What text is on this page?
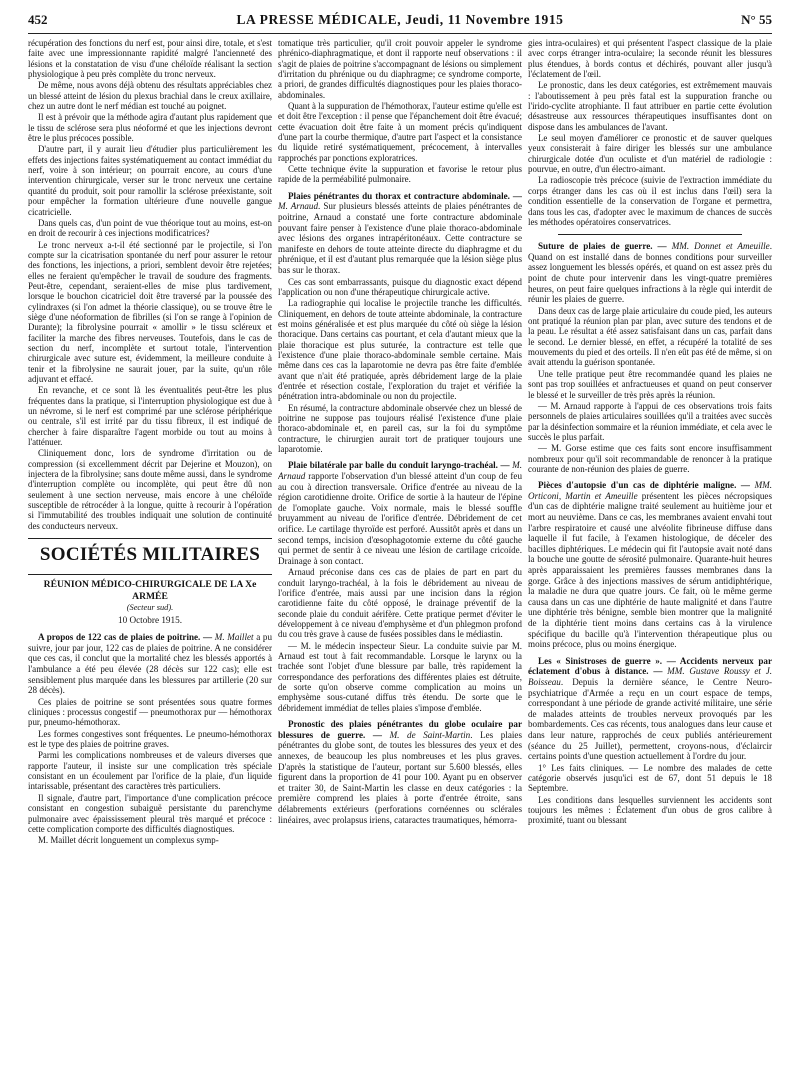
452	LA PRESSE MÉDICALE, Jeudi, 11 Novembre 1915	N° 55

récupération des fonctions du nerf est, pour ainsi dire, totale, et s'est faite avec une impressionnante rapidité malgré l'ancienneté des lésions et la constatation de visu d'une chéloïde réalisant la section physiologique à peu près complète du tronc nerveux.

De même, nous avons déjà obtenu des résultats appréciables chez un blessé atteint de lésion du plexus brachial dans le creux axillaire, chez un autre dont le nerf médian est touché au poignet.

Il est à prévoir que la méthode agira d'autant plus rapidement que le tissu de sclérose sera plus néoformé et que les injections devront être le plus précoces possible.

D'autre part, il y aurait lieu d'étudier plus particulièrement les effets des injections faites systématiquement au contact immédiat du nerf, voire à son intérieur; on pourrait encore, au cours d'une intervention chirurgicale, verser sur le tronc nerveux une certaine quantité du produit, soit pour ramollir la sclérose préexistante, soit pour empêcher la formation ultérieure d'une nouvelle gangue cicatricielle.

Dans quels cas, d'un point de vue théorique tout au moins, est-on en droit de recourir à ces injections modificatrices?

Le tronc nerveux a-t-il été sectionné par le projectile, si l'on compte sur la cicatrisation spontanée du nerf pour assurer le retour des fonctions, les injections, a priori, semblent devoir être rejetées; elles ne feraient qu'empêcher le travail de soudure des fragments. Peut-être, cependant, seraient-elles de mise plus tardivement, lorsque le bouchon cicatriciel doit être traversé par la poussée des cylindraxes (si l'on admet la théorie classique), ou se trouve être le siège d'une néoformation de fibrilles (si l'on se range à l'opinion de Durante); la fibrolysine pourrait « amollir » le tissu scléreux et faciliter la marche des fibres nerveuses. Toutefois, dans le cas de section du nerf, incomplète et surtout totale, l'intervention chirurgicale avec suture est, évidemment, la meilleure conduite à tenir et la fibrolysine ne saurait jouer, par la suite, qu'un rôle adjuvant et effacé.

En revanche, et ce sont là les éventualités peut-être les plus fréquentes dans la pratique, si l'interruption physiologique est due à un névrome, si le nerf est comprimé par une sclérose périphérique ou centrale, s'il est irrité par du tissu fibreux, il est indiqué de chercher à faire disparaître l'agent morbide ou tout au moins à l'atténuer.

Cliniquement donc, lors de syndrome d'irritation ou de compression (si excellemment décrit par Dejerine et Mouzon), on injectera de la fibrolysine; sans doute même aussi, dans le syndrome d'interruption complète ou incomplète, qui peut être dû non seulement à une section nerveuse, mais encore à une chéloïde susceptible de rétrocéder à la longue, quitte à recourir à l'opération si l'immutabilité des troubles indiquait une solution de continuité des conducteurs nerveux.

SOCIÉTÉS MILITAIRES
RÉUNION MÉDICO-CHIRURGICALE DE LA Xe ARMÉE
(Secteur sud).
10 Octobre 1915.
A propos de 122 cas de plaies de poitrine. — M. Maillet a pu suivre, jour par jour, 122 cas de plaies de poitrine. A ne considérer que ces cas, il conclut que la mortalité chez les blessés apportés à l'ambulance a été peu élevée (28 décès sur 122 cas); elle est sensiblement plus marquée dans les blessures par artillerie (20 sur 28 décès).

Ces plaies de poitrine se sont présentées sous quatre formes cliniques : processus congestif — pneumothorax pur — hémothorax pur, pneumo-hémothorax.

Les formes congestives sont fréquentes. Le pneumo-hémothorax est le type des plaies de poitrine graves.

Parmi les complications nombreuses et de valeurs diverses que rapporte l'auteur, il insiste sur une complication très spéciale consistant en un écoulement par l'orifice de la plaie, d'un liquide intarissable, présentant des caractères très particuliers.

Il signale, d'autre part, l'importance d'une complication précoce consistant en congestion subaiguë persistante du parenchyme pulmonaire avec épaississement pleural très marqué et précoce : cette complication comporte des difficultés diagnostiques.

M. Maillet décrit longuement un complexus symp-

tomatique très particulier, qu'il croit pouvoir appeler le syndrome phrénico-diaphragmatique, et dont il rapporte neuf observations : il s'agit de plaies de poitrine s'accompagnant de lésions ou simplement d'irritation du phrénique ou du diaphragme; ce syndrome comporte, a priori, de grandes difficultés diagnostiques pour les plaies thoraco-abdominales.

Quant à la suppuration de l'hémothorax, l'auteur estime qu'elle est et doit être l'exception : il pense que l'épanchement doit être évacué; cette évacuation doit être faite à un moment précis qu'indiquent d'une part la courbe thermique, d'autre part l'aspect et la consistance du liquide retiré systématiquement, précocement, à intervalles rapprochés par ponctions exploratrices.

Cette technique évite la suppuration et favorise le retour plus rapide de la perméabilité pulmonaire.

Plaies pénétrantes du thorax et contracture abdominale. — M. Arnaud. Sur plusieurs blessés atteints de plaies pénétrantes de poitrine, Arnaud a constaté une forte contracture abdominale pouvant faire penser à l'existence d'une plaie thoraco-abdominale avec lésions des organes intrapéritonéaux. Cette contracture se manifeste en dehors de toute atteinte directe du diaphragme et du phrénique, et il est d'autant plus remarquée que la lésion siège plus bas sur le thorax.

Ces cas sont embarrassants, puisque du diagnostic exact dépend l'application ou non d'une thérapeutique chirurgicale active.

La radiographie qui localise le projectile tranche les difficultés. Cliniquement, en dehors de toute atteinte abdominale, la contracture est moins généralisée et est plus marquée du côté où siège la lésion thoracique. Dans certains cas pourtant, et cela d'autant mieux que la plaie thoracique est plus suturée, la contracture est telle que l'existence d'une plaie thoraco-abdominale semble certaine. Mais même dans ces cas la laparotomie ne devra pas être faite d'emblée avant que n'ait été pratiquée, après débridement large de la plaie d'entrée et résection costale, l'exploration du trajet et vérifiée la pénétration intra-abdominale ou non du projectile.

En résumé, la contracture abdominale observée chez un blessé de poitrine ne suppose pas toujours réalisé l'existence d'une plaie thoraco-abdominale et, en pareil cas, sur la foi du symptôme contracture, le chirurgien aurait tort de pratiquer toujours une laparotomie.

Plaie bilatérale par balle du conduit laryngo-trachéal. — M. Arnaud rapporte l'observation d'un blessé atteint d'un coup de feu au cou à direction transversale. Orifice d'entrée au niveau de la région carotidienne droite. Orifice de sortie à la hauteur de l'épine de l'omoplate gauche. Voix normale, mais le blessé souffle bruyamment au niveau de l'orifice d'entrée. Débridement de cet orifice. Le cartilage thyroïde est perforé. Aussitôt après et dans un second temps, incision d'œsophagotomie externe du côté gauche qui permet de sentir à ce niveau une lésion de cartilage cricoïde. Drainage à son contact.

Arnaud préconise dans ces cas de plaies de part en part du conduit laryngo-trachéal, à la fois le débridement au niveau de l'orifice d'entrée, mais aussi par une incision dans la région carotidienne faite du côté opposé, le drainage préventif de la seconde plaie du conduit aérifère. Cette pratique permet d'éviter le développement à ce niveau d'emphysème et d'un phlegmon profond du cou très grave à cause de fusées possibles dans le médiastin.

— M. le médecin inspecteur Sieur. La conduite suivie par M. Arnaud est tout à fait recommandable. Lorsque le larynx ou la trachée sont l'objet d'une blessure par balle, très rapidement la correspondance des perforations des différentes plaies est détruite, de sorte qu'on observe comme complication au moins un emphysème sous-cutané diffus très étendu. De sorte que le débridement immédiat de telles plaies s'impose d'emblée.

Pronostic des plaies pénétrantes du globe oculaire par blessures de guerre. — M. de Saint-Martin. Les plaies pénétrantes du globe sont, de toutes les blessures des yeux et des annexes, de beaucoup les plus nombreuses et les plus graves. D'après la statistique de l'auteur, portant sur 5.600 blessés, elles figurent dans la proportion de 41 pour 100. Ayant pu en observer et traiter 30, de Saint-Martin les classe en deux catégories : la première comprend les plaies à porte d'entrée étroite, sans délabrements extérieurs (perforations cornéennes ou sclérales linéaires, avec prolapsus iriens, cataractes traumatiques, hémorra-

gies intra-oculaires) et qui présentent l'aspect classique de la plaie avec corps étranger intra-oculaire; la seconde réunit les blessures plus étendues, à bords contus et déchirés, pouvant aller jusqu'à l'éclatement de l'œil.

Le pronostic, dans les deux catégories, est extrêmement mauvais : l'aboutissement à peu près fatal est la suppuration franche ou l'irido-cyclite atrophiante. Il faut attribuer en partie cette évolution désastreuse aux ressources thérapeutiques insuffisantes dont on dispose dans les ambulances de l'avant.

Le seul moyen d'améliorer ce pronostic et de sauver quelques yeux consisterait à faire diriger les blessés sur une ambulance chirurgicale dotée d'un oculiste et d'un matériel de radiologie : pourvue, en outre, d'un électro-aimant.

La radioscopie très précoce (suivie de l'extraction immédiate du corps étranger dans les cas où il est inclus dans l'œil) sera la condition essentielle de la conservation de l'organe et permettra, dans tous les cas, d'adopter avec le maximum de chances de succès les méthodes opératoires conservatrices.

Suture de plaies de guerre. — MM. Donnet et Ameuille. Quand on est installé dans de bonnes conditions pour surveiller assez longuement les blessés opérés, et quand on est assez près du point de chute pour intervenir dans les vingt-quatre premières heures, on peut faire quelques infractions à la règle qui interdit de réunir les plaies de guerre.

Dans deux cas de large plaie articulaire du coude pied, les auteurs ont pratiqué la réunion plan par plan, avec suture des tendons et de la peau. Le résultat a été assez satisfaisant dans un cas, parfait dans le second. Le dernier blessé, en effet, a récupéré la totalité de ses mouvements du pied et des orteils. Il n'en eût pas été de même, si on avait attendu la guérison spontanée.

Une telle pratique peut être recommandée quand les plaies ne sont pas trop souillées et anfractueuses et quand on peut conserver le blessé et le surveiller de très près après la réunion.

— M. Arnaud rapporte à l'appui de ces observations trois faits personnels de plaies articulaires souillées qu'il a traitées avec succès par la désinfection sommaire et la réunion immédiate, et cela avec le succès le plus parfait.

— M. Gorse estime que ces faits sont encore insuffisamment nombreux pour qu'il soit recommandable de renoncer à la pratique courante de non-réunion des plaies de guerre.

Pièces d'autopsie d'un cas de diphtérie maligne. — MM. Orticoni, Martin et Ameuille présentent les pièces nécropsiques d'un cas de diphtérie maligne traité seulement au huitième jour et mort au neuvième. Dans ce cas, les membranes avaient envahi tout l'arbre respiratoire et causé une alvéolite fibrineuse diffuse dans laquelle il fut facile, à l'examen histologique, de déceler des bacilles diphtériques. Le médecin qui fit l'autopsie avait noté dans la bouche une goutte de sérosité pulmonaire. Quarante-huit heures après apparaissaient les premières fausses membranes dans la gorge. Grâce à des injections massives de sérum antidiphtérique, la maladie ne dura que quatre jours. Ce fait, où le même germe causa dans un cas une diphtérie de haute malignité et dans l'autre une diphtérie très bénigne, semble bien montrer que la malignité de la diphtérie tient moins dans certains cas à la virulence spécifique du bacille qu'à l'intervention thérapeutique plus ou moins précoce, plus ou moins énergique.
Les « Sinistroses de guerre ». — Accidents nerveux par éclatement d'obus à distance. — MM. Gustave Roussy et J. Boisseau. Depuis la dernière séance, le Centre Neuro-psychiatrique d'Armée a reçu en un court espace de temps, correspondant à une période de grande activité militaire, une série de malades atteints de troubles nerveux provoqués par les bombardements. Ces cas récents, tous analogues dans leur cause et dans leur nature, rapprochés de ceux publiés antérieurement (séance du 25 Juillet), permettent, croyons-nous, d'éclaircir certains points d'une question actuellement à l'ordre du jour.

1° Les faits cliniques. — Le nombre des malades de cette catégorie observés jusqu'ici est de 67, dont 51 depuis le 18 Septembre.

Les conditions dans lesquelles surviennent les accidents sont toujours les mêmes : Éclatement d'un obus de gros calibre à proximité, tuant ou blessant
